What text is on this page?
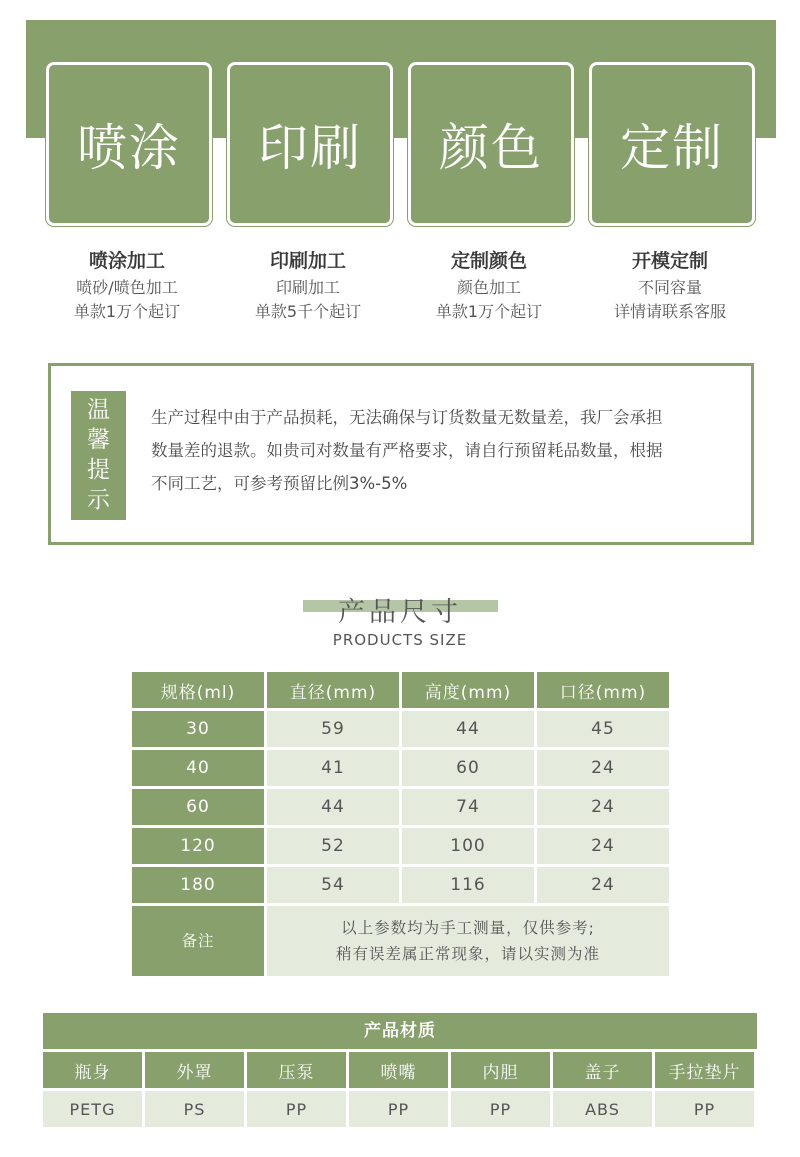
喷涂 印刷 颜色 定制
喷涂加工
喷砂/喷色加工
单款1万个起订
印刷加工
印刷加工
单款5千个起订
定制颜色
颜色加工
单款1万个起订
开模定制
不同容量
详情请联系客服
温
馨
提
示
生产过程中由于产品损耗，无法确保与订货数量无数量差，我厂会承担
数量差的退款。如贵司对数量有严格要求，请自行预留耗品数量，根据
不同工艺，可参考预留比例3%-5%
产品尺寸
PRODUCTS SIZE
规格(ml)	直径(mm)	高度(mm)	口径(mm)
30	59	44	45
40	41	60	24
60	44	74	24
120	52	100	24
180	54	116	24
备注	以上参数均为手工测量，仅供参考;
稍有误差属正常现象，请以实测为准		
产品材质
瓶身	外罩	压泵	喷嘴	内胆	盖子	手拉垫片
PETG	PS	PP	PP	PP	ABS	PP
